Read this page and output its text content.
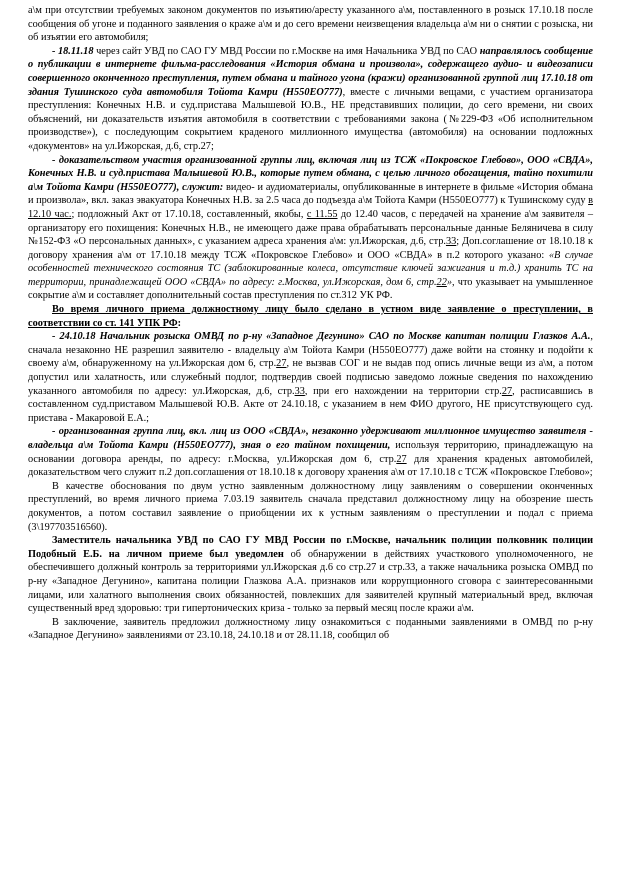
а\м при отсутствии требуемых законом документов по изъятию/аресту указанного а\м, поставленного в розыск 17.10.18 после сообщения об угоне и поданного заявления о краже а\м и до сего времени неизвещения владельца а\м ни о снятии с розыска, ни об изъятии его автомобиля;

- 18.11.18 через сайт УВД по САО ГУ МВД России по г.Москве на имя Начальника УВД по САО направлялось сообщение о публикации в интернете фильма-расследования «История обмана и произвола», содержащего аудио- и видеозаписи совершенного оконченного преступления, путем обмана и тайного угона (кражи) организованной группой лиц 17.10.18 от здания Тушинского суда автомобиля Тойота Камри (Н550ЕО777), вместе с личными вещами, с участием организатора преступления: Конечных Н.В. и суд.пристава Малышевой Ю.В., НЕ представивших полиции, до сего времени, ни своих объяснений, ни доказательств изъятия автомобиля в соответствии с требованиями закона (№229-ФЗ «Об исполнительном производстве»), с последующим сокрытием краденого миллионного имущества (автомобиля) на основании подложных «документов» на ул.Ижорская, д.6, стр.27;

- доказательством участия организованной группы лиц, включая лиц из ТСЖ «Покровское Глебово», ООО «СВДА», Конечных Н.В. и суд.пристава Малышевой Ю.В., которые путем обмана, с целью личного обогащения, тайно похитили а\м Тойота Камри (Н550ЕО777), служит: видео- и аудиоматериалы, опубликованные в интернете в фильме «История обмана и произвола», вкл. заказ эвакуатора Конечных Н.В. за 2.5 часа до подъезда а\м Тойота Камри (Н550ЕО777) к Тушинскому суду в 12.10 час.; подложный Акт от 17.10.18, составленный, якобы, с 11.55 до 12.40 часов, с передачей на хранение а\м заявителя – организатору его похищения: Конечных Н.В., не имеющего даже права обрабатывать персональные данные Беляничева в силу №152-ФЗ «О персональных данных», с указанием адреса хранения а\м: ул.Ижорская, д.6, стр.33; Доп.соглашение от 18.10.18 к договору хранения а\м от 17.10.18 между ТСЖ «Покровское Глебово» и ООО «СВДА» в п.2 которого указано: «В случае особенностей технического состояния ТС (заблокированные колеса, отсутствие ключей зажигания и т.д.) хранить ТС на территории, принадлежащей ООО «СВДА» по адресу: г.Москва, ул.Ижорская, дом 6, стр.22», что указывает на умышленное сокрытие а\м и составляет дополнительный состав преступления по ст.312 УК РФ.

Во время личного приема должностному лицу было сделано в устном виде заявление о преступлении, в соответствии со ст. 141 УПК РФ:

- 24.10.18 Начальник розыска ОМВД по р-ну «Западное Дегунино» САО по Москве капитан полиции Глазков А.А., сначала незаконно НЕ разрешил заявителю - владельцу а\м Тойота Камри (Н550ЕО777) даже войти на стоянку и подойти к своему а\м, обнаруженному на ул.Ижорская дом 6, стр.27, не вызвав СОГ и не выдав под опись личные вещи из а\м, а потом допустил или халатность, или служебный подлог, подтвердив своей подписью заведомо ложные сведения по нахождению указанного автомобиля по адресу: ул.Ижорская, д.6, стр.33, при его нахождении на территории стр.27, расписавшись в составленном суд.приставом Малышевой Ю.В. Акте от 24.10.18, с указанием в нем ФИО другого, НЕ присутствующего суд. пристава - Макаровой Е.А.;

- организованная группа лиц, вкл. лиц из ООО «СВДА», незаконно удерживают миллионное имущество заявителя - владельца а\м Тойота Камри (Н550ЕО777), зная о его тайном похищении, используя территорию, принадлежащую на основании договора аренды, по адресу: г.Москва, ул.Ижорская дом 6, стр.27 для хранения краденых автомобилей, доказательством чего служит п.2 доп.соглашения от 18.10.18 к договору хранения а\м от 17.10.18 с ТСЖ «Покровское Глебово»;

В качестве обоснования по двум устно заявленным должностному лицу заявлениям о совершении оконченных преступлений, во время личного приема 7.03.19 заявитель сначала представил должностному лицу на обозрение шесть документов, а потом составил заявление о приобщении их к устным заявлениям о преступлении и подал с приема (3\197703516560).

Заместитель начальника УВД по САО ГУ МВД России по г.Москве, начальник полиции полковник полиции Подобный Е.Б. на личном приеме был уведомлен об обнаружении в действиях участкового уполномоченного, не обеспечившего должный контроль за территориями ул.Ижорская д.6 со стр.27 и стр.33, а также начальника розыска ОМВД по р-ну «Западное Дегунино», капитана полиции Глазкова А.А. признаков или коррупционного сговора с заинтересованными лицами, или халатного выполнения своих обязанностей, повлекших для заявителей крупный материальный вред, включая существенный вред здоровью: три гипертонических криза - только за первый месяц после кражи а\м.

В заключение, заявитель предложил должностному лицу ознакомиться с поданными заявлениями в ОМВД по р-ну «Западное Дегунино» заявлениями от 23.10.18, 24.10.18 и от 28.11.18, сообщил об
